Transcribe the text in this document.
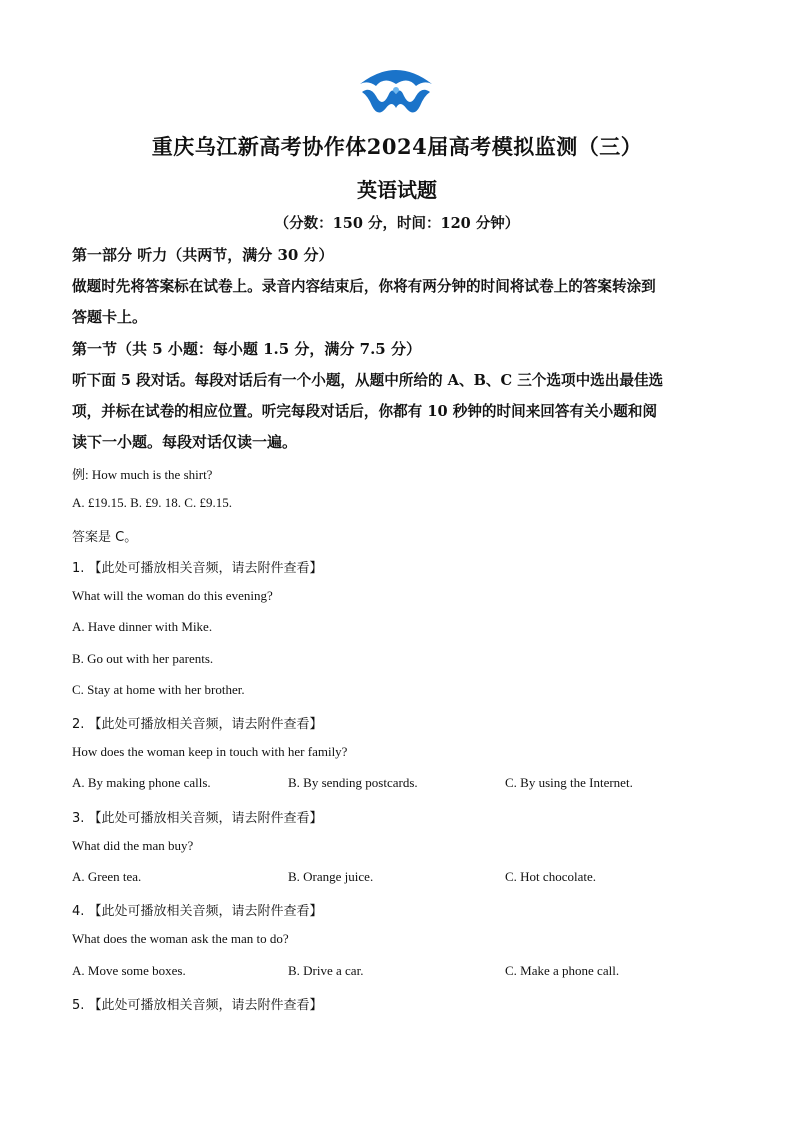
重庆乌江新高考协作体2024届高考模拟监测（三）
英语试题
（分数：150 分，时间：120 分钟）
第一部分 听力（共两节，满分 30 分）
做题时先将答案标在试卷上。录音内容结束后，你将有两分钟的时间将试卷上的答案转涂到
答题卡上。
第一节（共 5 小题：每小题 1.5 分，满分 7.5 分）
听下面 5 段对话。每段对话后有一个小题，从题中所给的 A、B、C 三个选项中选出最佳选
项，并标在试卷的相应位置。听完每段对话后，你都有 10 秒钟的时间来回答有关小题和阅
读下一小题。每段对话仅读一遍。
例: How much is the shirt?
A. £19.15. B. £9. 18. C. £9.15.
答案是 C。
1. 【此处可播放相关音频，请去附件查看】
What will the woman do this evening?
A. Have dinner with Mike.
B. Go out with her parents.
C. Stay at home with her brother.
2. 【此处可播放相关音频，请去附件查看】
How does the woman keep in touch with her family?
A. By making phone calls.	B. By sending postcards.	C. By using the Internet.
3. 【此处可播放相关音频，请去附件查看】
What did the man buy?
A. Green tea.	B. Orange juice.	C. Hot chocolate.
4. 【此处可播放相关音频，请去附件查看】
What does the woman ask the man to do?
A. Move some boxes.	B. Drive a car.	C. Make a phone call.
5. 【此处可播放相关音频，请去附件查看】
